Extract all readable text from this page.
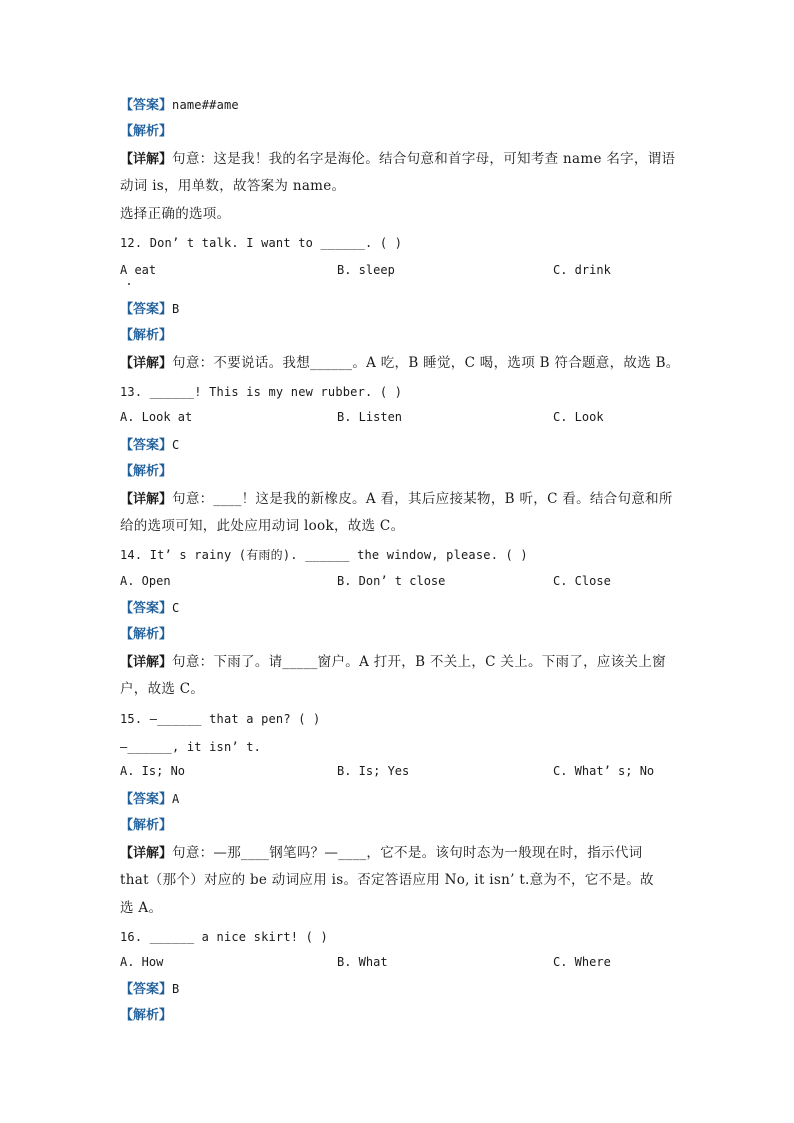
【答案】name##ame
【解析】
【详解】句意：这是我！我的名字是海伦。结合句意和首字母，可知考查 name 名字，谓语
动词 is，用单数，故答案为 name。
选择正确的选项。
12. Don’ t talk. I want to ______. ( )
A eat	B. sleep	C. drink
【答案】B
【解析】
【详解】句意：不要说话。我想______。A 吃，B 睡觉，C 喝，选项 B 符合题意，故选 B。
13. ______! This is my new rubber. ( )
A. Look at	B. Listen	C. Look
【答案】C
【解析】
【详解】句意：____！这是我的新橡皮。A 看，其后应接某物，B 听，C 看。结合句意和所
给的选项可知，此处应用动词 look，故选 C。
14. It’ s rainy (有雨的). ______ the window, please. ( )
A. Open	B. Don’ t close	C. Close
【答案】C
【解析】
【详解】句意：下雨了。请_____窗户。A 打开，B 不关上，C 关上。下雨了，应该关上窗
户，故选 C。
15. —______ that a pen? ( )
—______, it isn’ t.
A. Is; No	B. Is; Yes	C. What’ s; No
【答案】A
【解析】
【详解】句意：—那____钢笔吗？—____，它不是。该句时态为一般现在时，指示代词
that（那个）对应的 be 动词应用 is。否定答语应用 No, it isn’ t.意为不，它不是。故
选 A。
16. ______ a nice skirt! ( )
A. How	B. What	C. Where
【答案】B
【解析】
